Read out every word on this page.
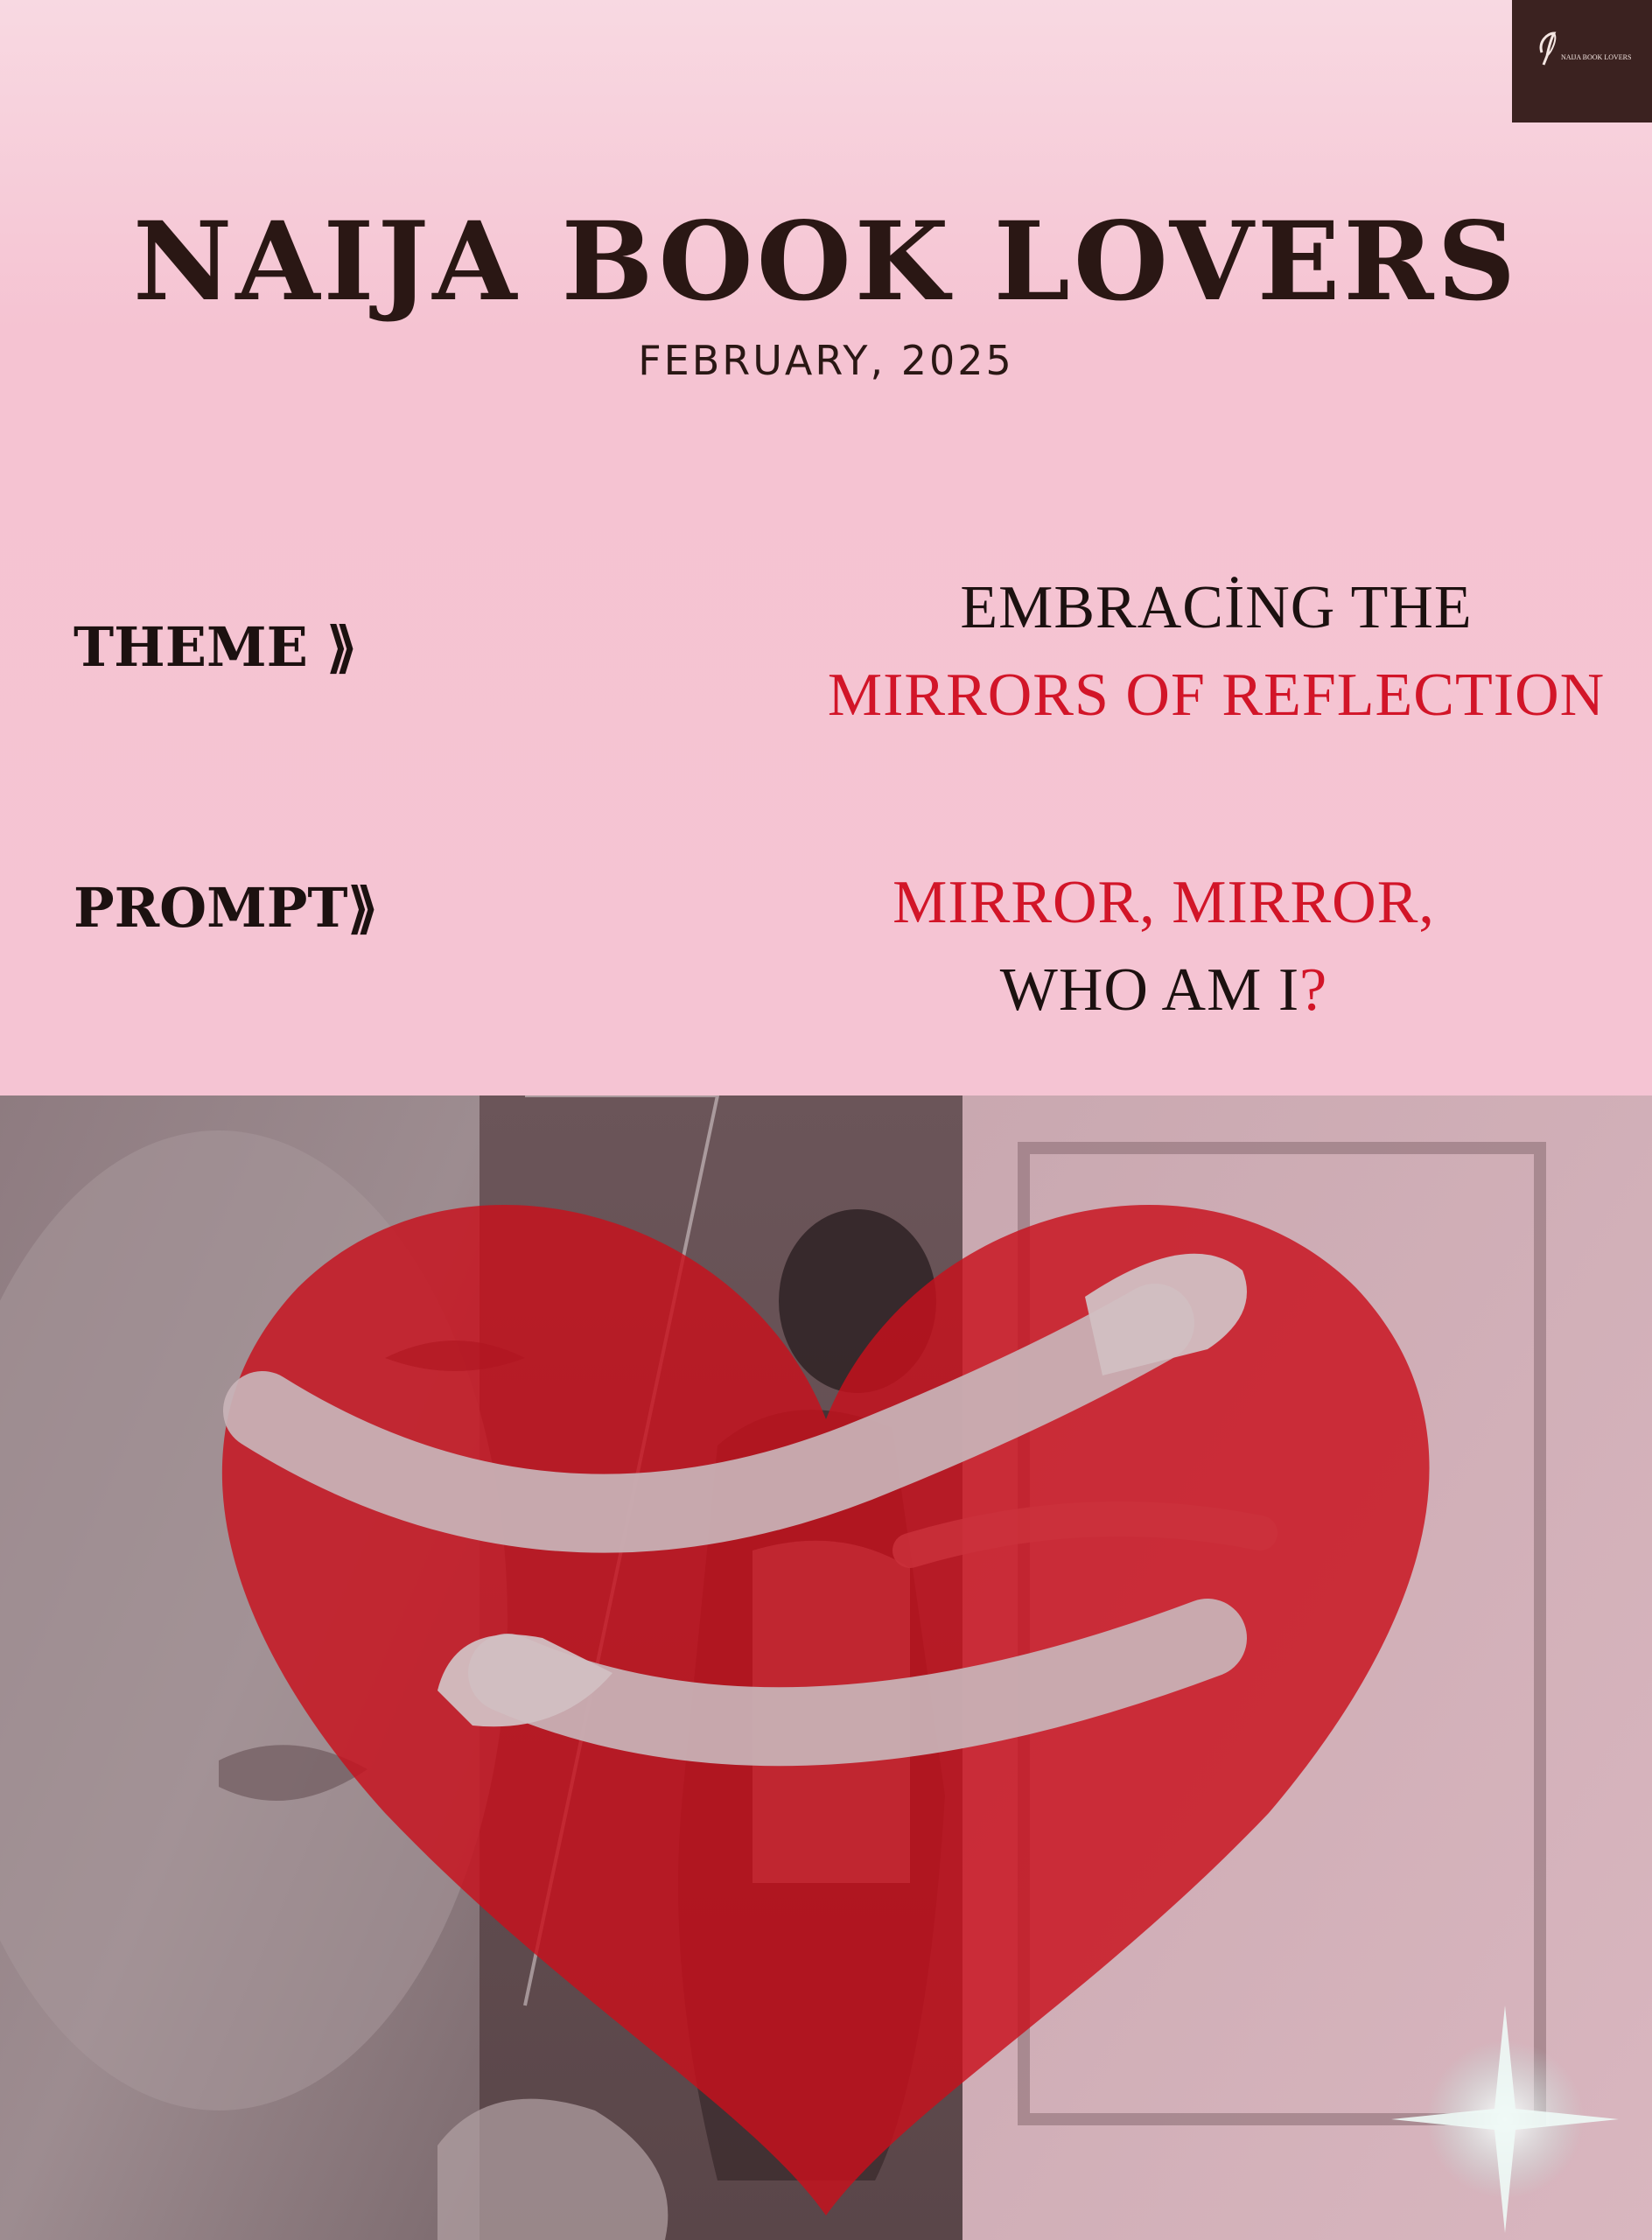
NAIJA BOOK LOVERS
NAIJA BOOK LOVERS
FEBRUARY, 2025
THEME ⟫
EMBRACİNG THE
MIRRORS OF REFLECTION
PROMPT⟫	MIRROR, MIRROR,
WHO AM I?
